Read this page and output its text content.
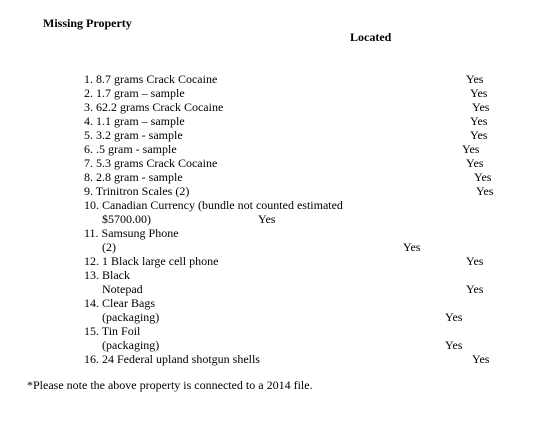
Missing Property
Located
1. 8.7 grams Crack Cocaine	Yes
2. 1.7 gram – sample	Yes
3. 62.2 grams Crack Cocaine	Yes
4. 1.1 gram – sample	Yes
5. 3.2 gram - sample	Yes
6. .5 gram - sample	Yes
7. 5.3 grams Crack Cocaine	Yes
8. 2.8 gram - sample	Yes
9. Trinitron Scales (2)	Yes
10. Canadian Currency (bundle not counted estimated
$5700.00)	Yes
11. Samsung Phone
(2)	Yes
12. 1 Black large cell phone	Yes
13. Black
Notepad	Yes
14. Clear Bags
(packaging)	Yes
15. Tin Foil
(packaging)	Yes
16. 24 Federal upland shotgun shells	Yes
*Please note the above property is connected to a 2014 file.
